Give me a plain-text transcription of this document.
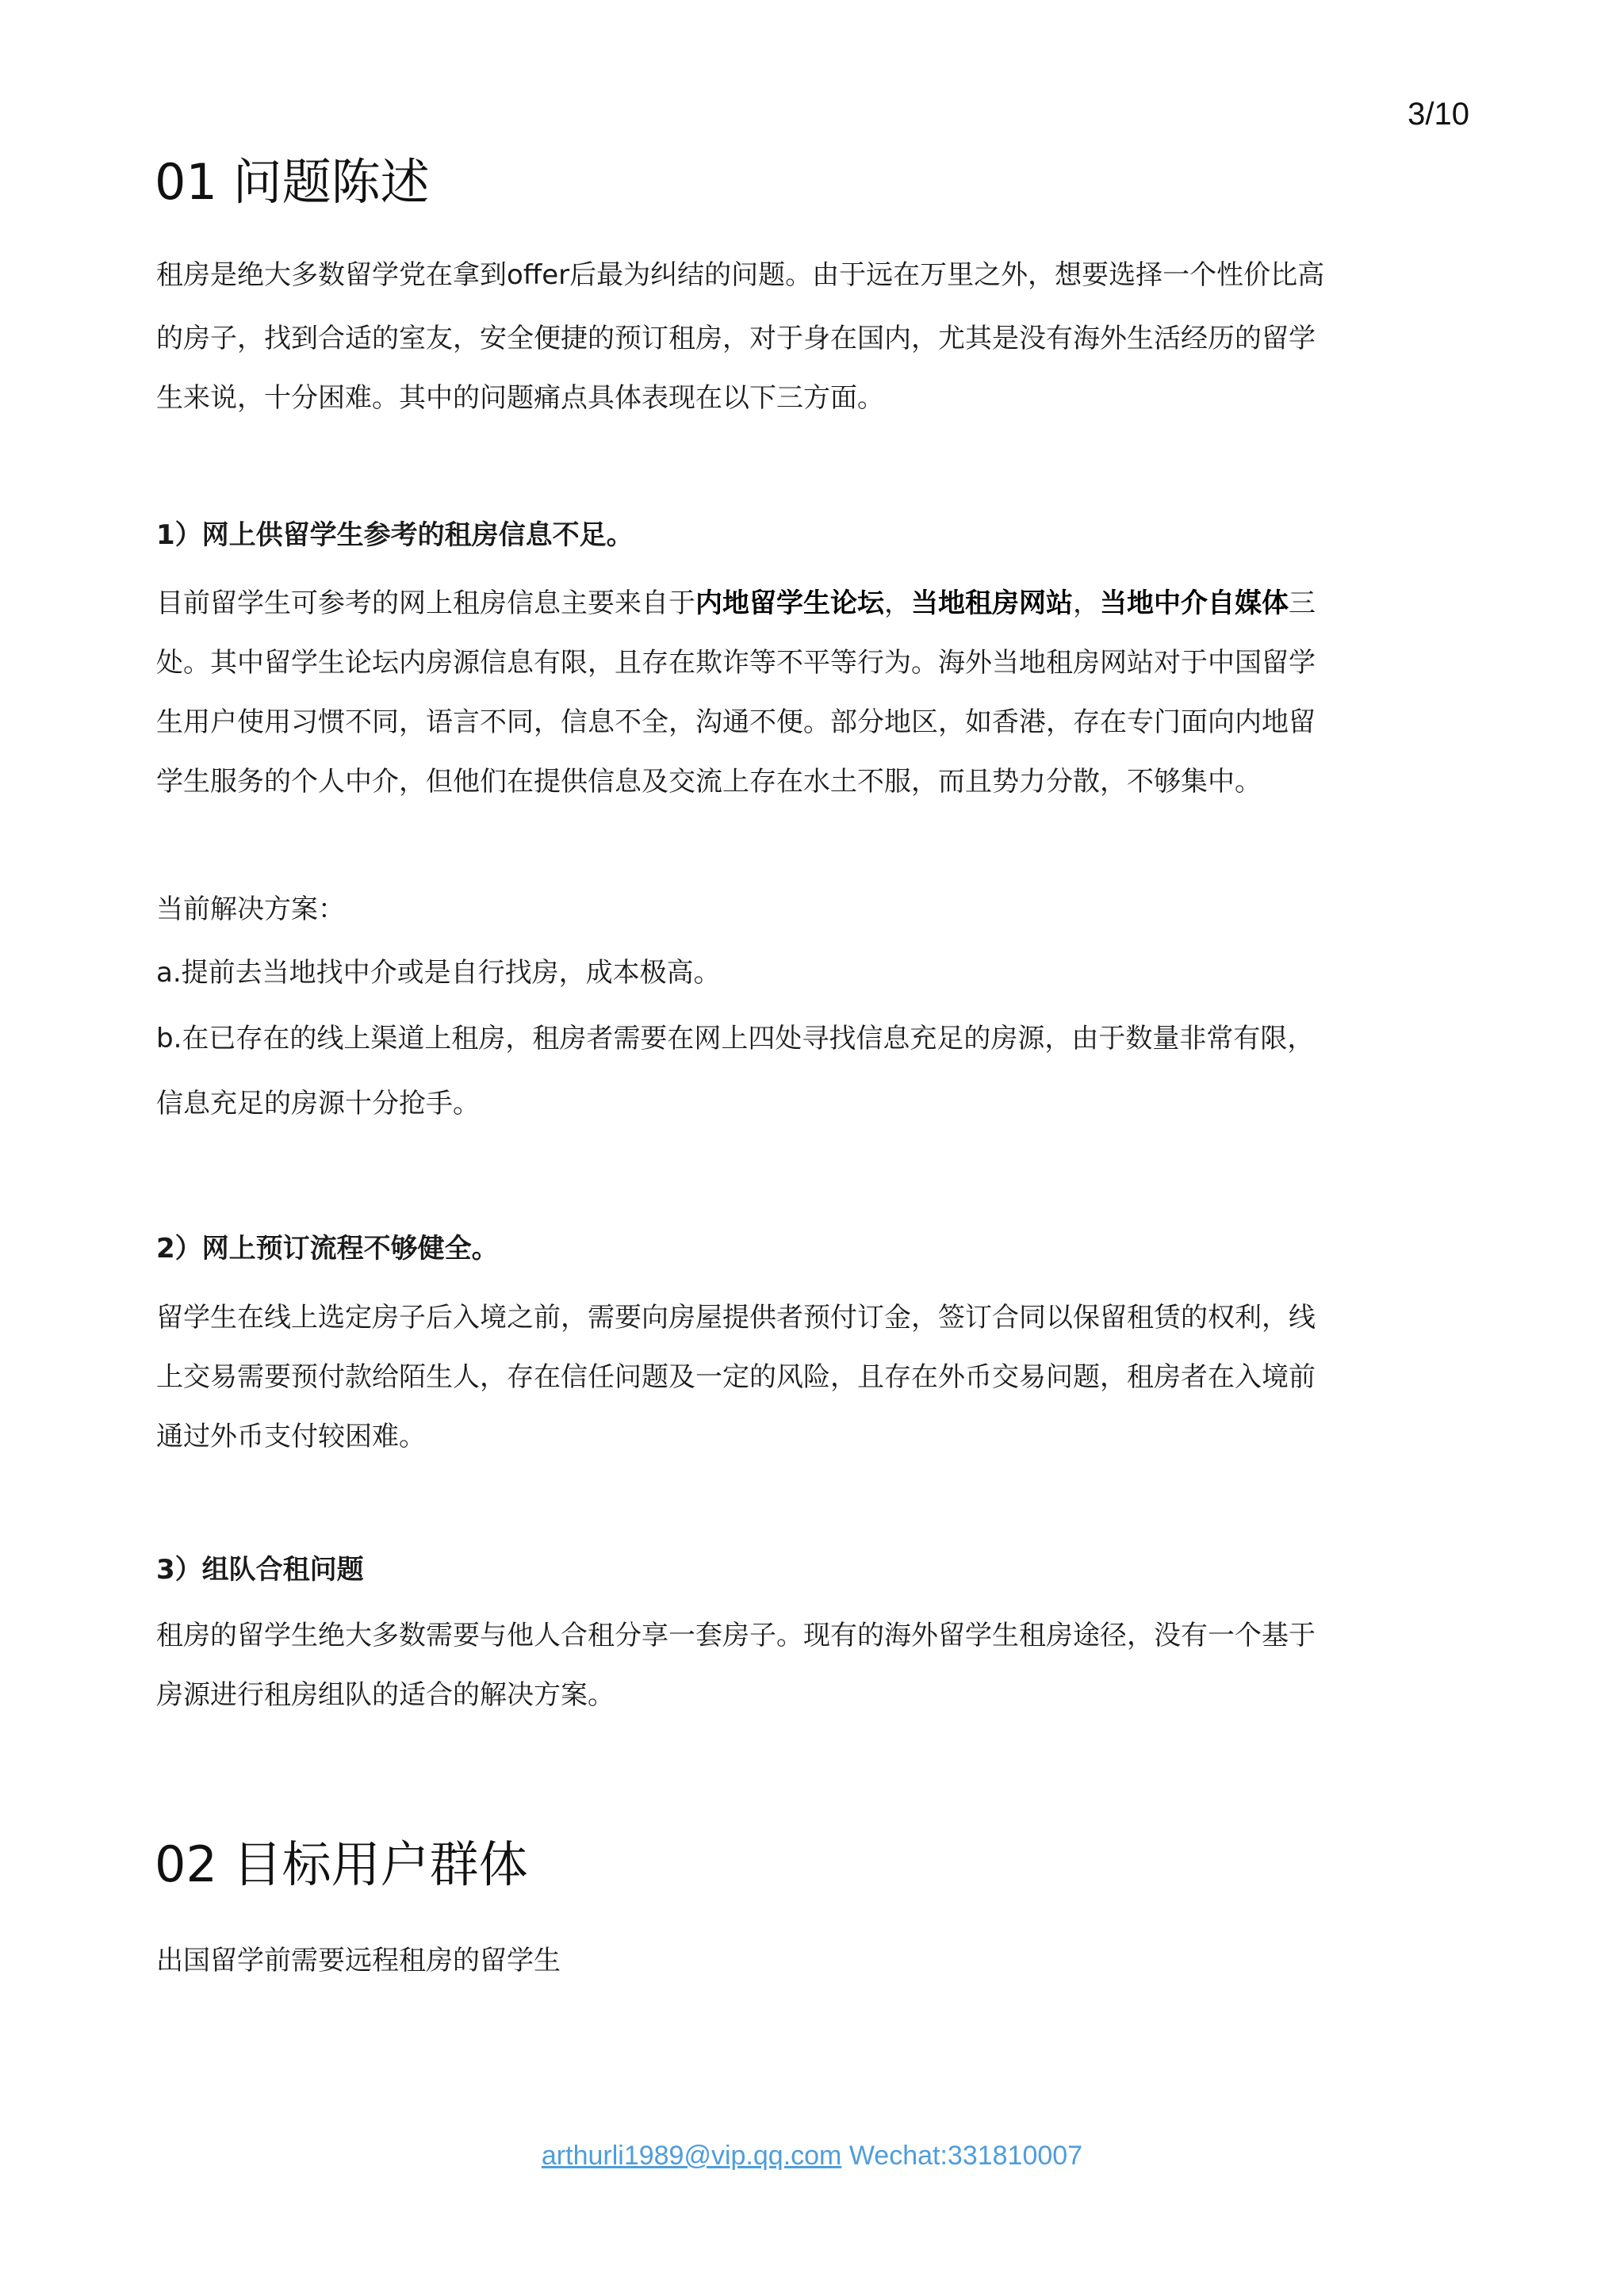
3/10
01 问题陈述
租房是绝大多数留学党在拿到offer后最为纠结的问题。由于远在万里之外，想要选择一个性价比高
的房子，找到合适的室友，安全便捷的预订租房，对于身在国内，尤其是没有海外生活经历的留学
生来说，十分困难。其中的问题痛点具体表现在以下三方面。
1）网上供留学生参考的租房信息不足。
目前留学生可参考的网上租房信息主要来自于内地留学生论坛，当地租房网站，当地中介自媒体三
处。其中留学生论坛内房源信息有限，且存在欺诈等不平等行为。海外当地租房网站对于中国留学
生用户使用习惯不同，语言不同，信息不全，沟通不便。部分地区，如香港，存在专门面向内地留
学生服务的个人中介，但他们在提供信息及交流上存在水土不服，而且势力分散，不够集中。
当前解决方案：
a.提前去当地找中介或是自行找房，成本极高。
b.在已存在的线上渠道上租房，租房者需要在网上四处寻找信息充足的房源，由于数量非常有限，
信息充足的房源十分抢手。
2）网上预订流程不够健全。
留学生在线上选定房子后入境之前，需要向房屋提供者预付订金，签订合同以保留租赁的权利，线
上交易需要预付款给陌生人，存在信任问题及一定的风险，且存在外币交易问题，租房者在入境前
通过外币支付较困难。
3）组队合租问题
租房的留学生绝大多数需要与他人合租分享一套房子。现有的海外留学生租房途径，没有一个基于
房源进行租房组队的适合的解决方案。
02 目标用户群体
出国留学前需要远程租房的留学生
arthurli1989@vip.qq.com Wechat:331810007
